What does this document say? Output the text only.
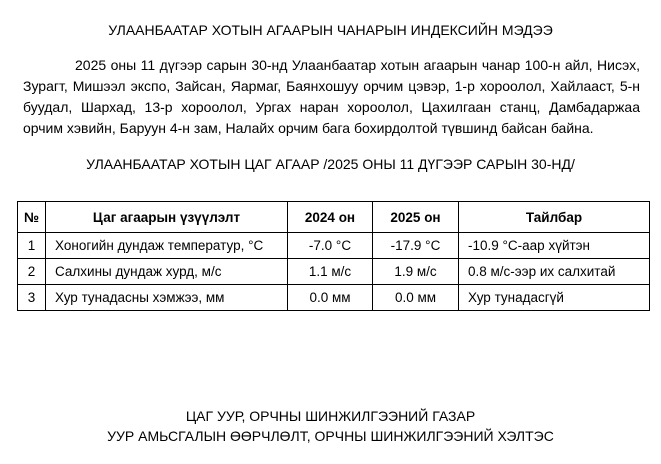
УЛААНБААТАР ХОТЫН АГААРЫН ЧАНАРЫН ИНДЕКСИЙН МЭДЭЭ
2025 оны 11 дүгээр сарын 30-нд Улаанбаатар хотын агаарын чанар 100-н айл, Нисэх, Зурагт, Мишээл экспо, Зайсан, Яармаг, Баянхошуу орчим цэвэр, 1-р хороолол, Хайлааст, 5-н буудал, Шархад, 13-р хороолол, Ургах наран хороолол, Цахилгаан станц, Дамбадаржаа орчим хэвийн, Баруун 4-н зам, Налайх орчим бага бохирдолтой түвшинд байсан байна.
УЛААНБААТАР ХОТЫН ЦАГ АГААР /2025 ОНЫ 11 ДҮГЭЭР САРЫН 30-НД/
№	Цаг агаарын үзүүлэлт	2024 он	2025 он	Тайлбар
1	Хоногийн дундаж температур, °С	-7.0 °С	-17.9 °С	-10.9 °С-аар хүйтэн
2	Салхины дундаж хурд, м/с	1.1 м/с	1.9 м/с	0.8 м/с-ээр их салхитай
3	Хур тунадасны хэмжээ, мм	0.0 мм	0.0 мм	Хур тунадасгүй
ЦАГ УУР, ОРЧНЫ ШИНЖИЛГЭЭНИЙ ГАЗАР
УУР АМЬСГАЛЫН ӨӨРЧЛӨЛТ, ОРЧНЫ ШИНЖИЛГЭЭНИЙ ХЭЛТЭС
